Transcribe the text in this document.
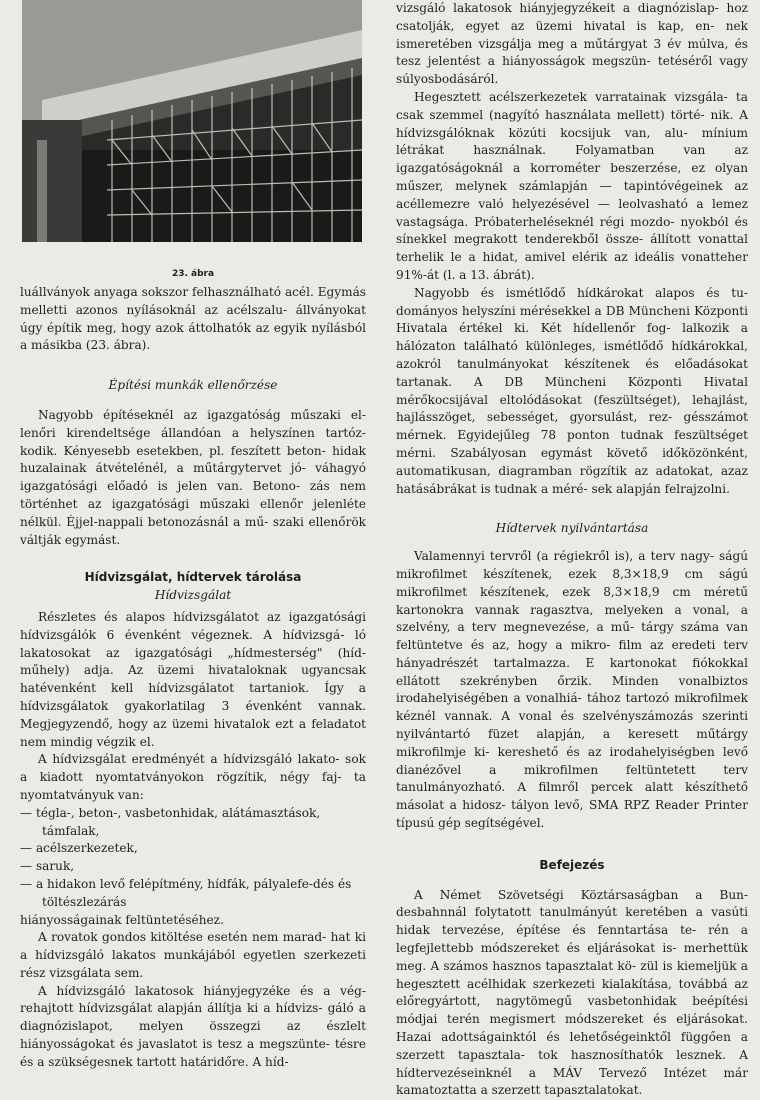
23. ábra

luállványok anyaga sokszor felhasználható acél. Egymás melletti azonos nyílásoknál az acélszalu- állványokat úgy építik meg, hogy azok áttolhatók az egyik nyílásból a másikba (23. ábra).

Építési munkák ellenőrzése

Nagyobb építéseknél az igazgatóság műszaki el- lenőri kirendeltsége állandóan a helyszínen tartóz- kodik. Kényesebb esetekben, pl. feszített beton- hidak huzalainak átvételénél, a műtárgytervet jó- váhagyó igazgatósági előadó is jelen van. Betono- zás nem történhet az igazgatósági műszaki ellenőr jelenléte nélkül. Éjjel-nappali betonozásnál a mű- szaki ellenőrök váltják egymást.

Hídvizsgálat, hídtervek tárolása

Hídvizsgálat

Részletes és alapos hídvizsgálatot az igazgatósági hídvizsgálók 6 évenként végeznek. A hídvizsgá- ló lakatosokat az igazgatósági „hídmesterség" (híd- műhely) adja. Az üzemi hivataloknak ugyancsak hatévenként kell hídvizsgálatot tartaniok. Így a hídvizsgálatok gyakorlatilag 3 évenként vannak. Megjegyzendő, hogy az üzemi hivatalok ezt a feladatot nem mindig végzik el.

A hídvizsgálat eredményét a hídvizsgáló lakato- sok a kiadott nyomtatványokon rögzítik, négy faj- ta nyomtatványuk van:

— tégla-, beton-, vasbetonhidak, alátámasztások, támfalak,
— acélszerkezetek,
— saruk,
— a hidakon levő felépítmény, hídfák, pályalefe-dés és töltészlezárás

hiányosságainak feltüntetéséhez.

A rovatok gondos kitöltése esetén nem marad- hat ki a hídvizsgáló lakatos munkájából egyetlen szerkezeti rész vizsgálata sem.

A hídvizsgáló lakatosok hiányjegyzéke és a vég- rehajtott hídvizsgálat alapján állítja ki a hídvizs- gáló a diagnózislapot, melyen összegzi az észlelt hiányosságokat és javaslatot is tesz a megszünte- tésre és a szükségesnek tartott határidőre. A híd-

vizsgáló lakatosok hiányjegyzékeit a diagnózislap- hoz csatolják, egyet az üzemi hivatal is kap, en- nek ismeretében vizsgálja meg a műtárgyat 3 év múlva, és tesz jelentést a hiányosságok megszün- tetéséről vagy súlyosbodásáról.

Hegesztett acélszerkezetek varratainak vizsgála- ta csak szemmel (nagyító használata mellett) törté- nik. A hídvizsgálóknak közúti kocsijuk van, alu- mínium létrákat használnak. Folyamatban van az igazgatóságoknál a korrométer beszerzése, ez olyan műszer, melynek számlapján — tapintóvégeinek az acéllemezre való helyezésével — leolvasható a lemez vastagsága. Próbaterheléseknél régi mozdo- nyokból és sínekkel megrakott tenderekből össze- állított vonattal terhelik le a hidat, amivel elérik az ideális vonatteher 91%-át (l. a 13. ábrát).

Nagyobb és ismétlődő hídkárokat alapos és tu- dományos helyszíni mérésekkel a DB Müncheni Központi Hivatala értékel ki. Két hídellenőr fog- lalkozik a hálózaton található különleges, ismétlődő hídkárokkal, azokról tanulmányokat készítenek és előadásokat tartanak. A DB Müncheni Központi Hivatal mérőkocsijával eltolódásokat (feszültséget), lehajlást, hajlásszöget, sebességet, gyorsulást, rez- gésszámot mérnek. Egyidejűleg 78 ponton tudnak feszültséget mérni. Szabályosan egymást követő időközönként, automatikusan, diagramban rögzítik az adatokat, azaz hatásábrákat is tudnak a méré- sek alapján felrajzolni.

Hídtervek nyilvántartása

Valamennyi tervről (a régiekről is), a terv nagy- ságú mikrofilmet készítenek, ezek 8,3×18,9 cm ságú mikrofilmet készítenek, ezek 8,3×18,9 cm méretű kartonokra vannak ragasztva, melyeken a vonal, a szelvény, a terv megnevezése, a mű- tárgy száma van feltüntetve és az, hogy a mikro- film az eredeti terv hányadrészét tartalmazza. E kartonokat fiókokkal ellátott szekrényben őrzik. Minden vonalbiztos irodahelyiségében a vonalhiá- tához tartozó mikrofilmek kéznél vannak. A vonal és szelvényszámozás szerinti nyilvántartó füzet alapján, a keresett műtárgy mikrofilmje ki- kereshető és az irodahelyiségben levő dianézővel a mikrofilmen feltüntetett terv tanulmányozható. A filmről percek alatt készíthető másolat a hidosz- tályon levő, SMA RPZ Reader Printer típusú gép segítségével.

Befejezés

A Német Szövetségi Köztársaságban a Bun- desbahnnál folytatott tanulmányút keretében a vasúti hidak tervezése, építése és fenntartása te- rén a legfejlettebb módszereket és eljárásokat is- merhettük meg. A számos hasznos tapasztalat kö- zül is kiemeljük a hegesztett acélhidak szerkezeti kialakítása, továbbá az előregyártott, nagytömegű vasbetonhidak beépítési módjai terén megismert módszereket és eljárásokat. Hazai adottságainktól és lehetőségeinktől függően a szerzett tapasztala- tok hasznosíthatók lesznek. A hídtervezéseinknél a MÁV Tervező Intézet már kamatoztatta a szerzett tapasztalatokat.
